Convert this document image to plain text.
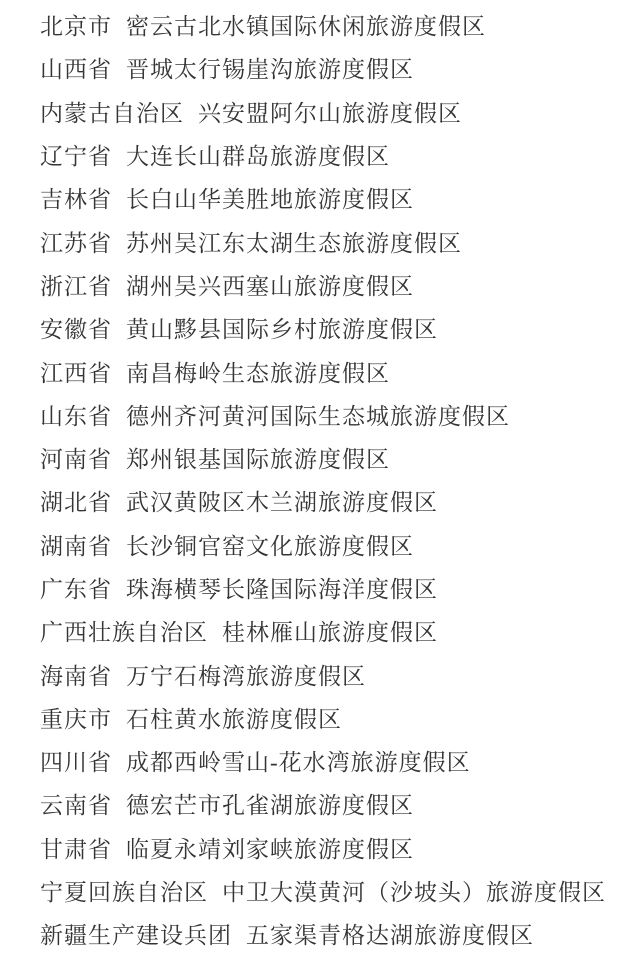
北京市 密云古北水镇国际休闲旅游度假区
山西省 晋城太行锡崖沟旅游度假区
内蒙古自治区 兴安盟阿尔山旅游度假区
辽宁省 大连长山群岛旅游度假区
吉林省 长白山华美胜地旅游度假区
江苏省 苏州吴江东太湖生态旅游度假区
浙江省 湖州吴兴西塞山旅游度假区
安徽省 黄山黟县国际乡村旅游度假区
江西省 南昌梅岭生态旅游度假区
山东省 德州齐河黄河国际生态城旅游度假区
河南省 郑州银基国际旅游度假区
湖北省 武汉黄陂区木兰湖旅游度假区
湖南省 长沙铜官窑文化旅游度假区
广东省 珠海横琴长隆国际海洋度假区
广西壮族自治区 桂林雁山旅游度假区
海南省 万宁石梅湾旅游度假区
重庆市 石柱黄水旅游度假区
四川省 成都西岭雪山-花水湾旅游度假区
云南省 德宏芒市孔雀湖旅游度假区
甘肃省 临夏永靖刘家峡旅游度假区
宁夏回族自治区 中卫大漠黄河（沙坡头）旅游度假区
新疆生产建设兵团 五家渠青格达湖旅游度假区
